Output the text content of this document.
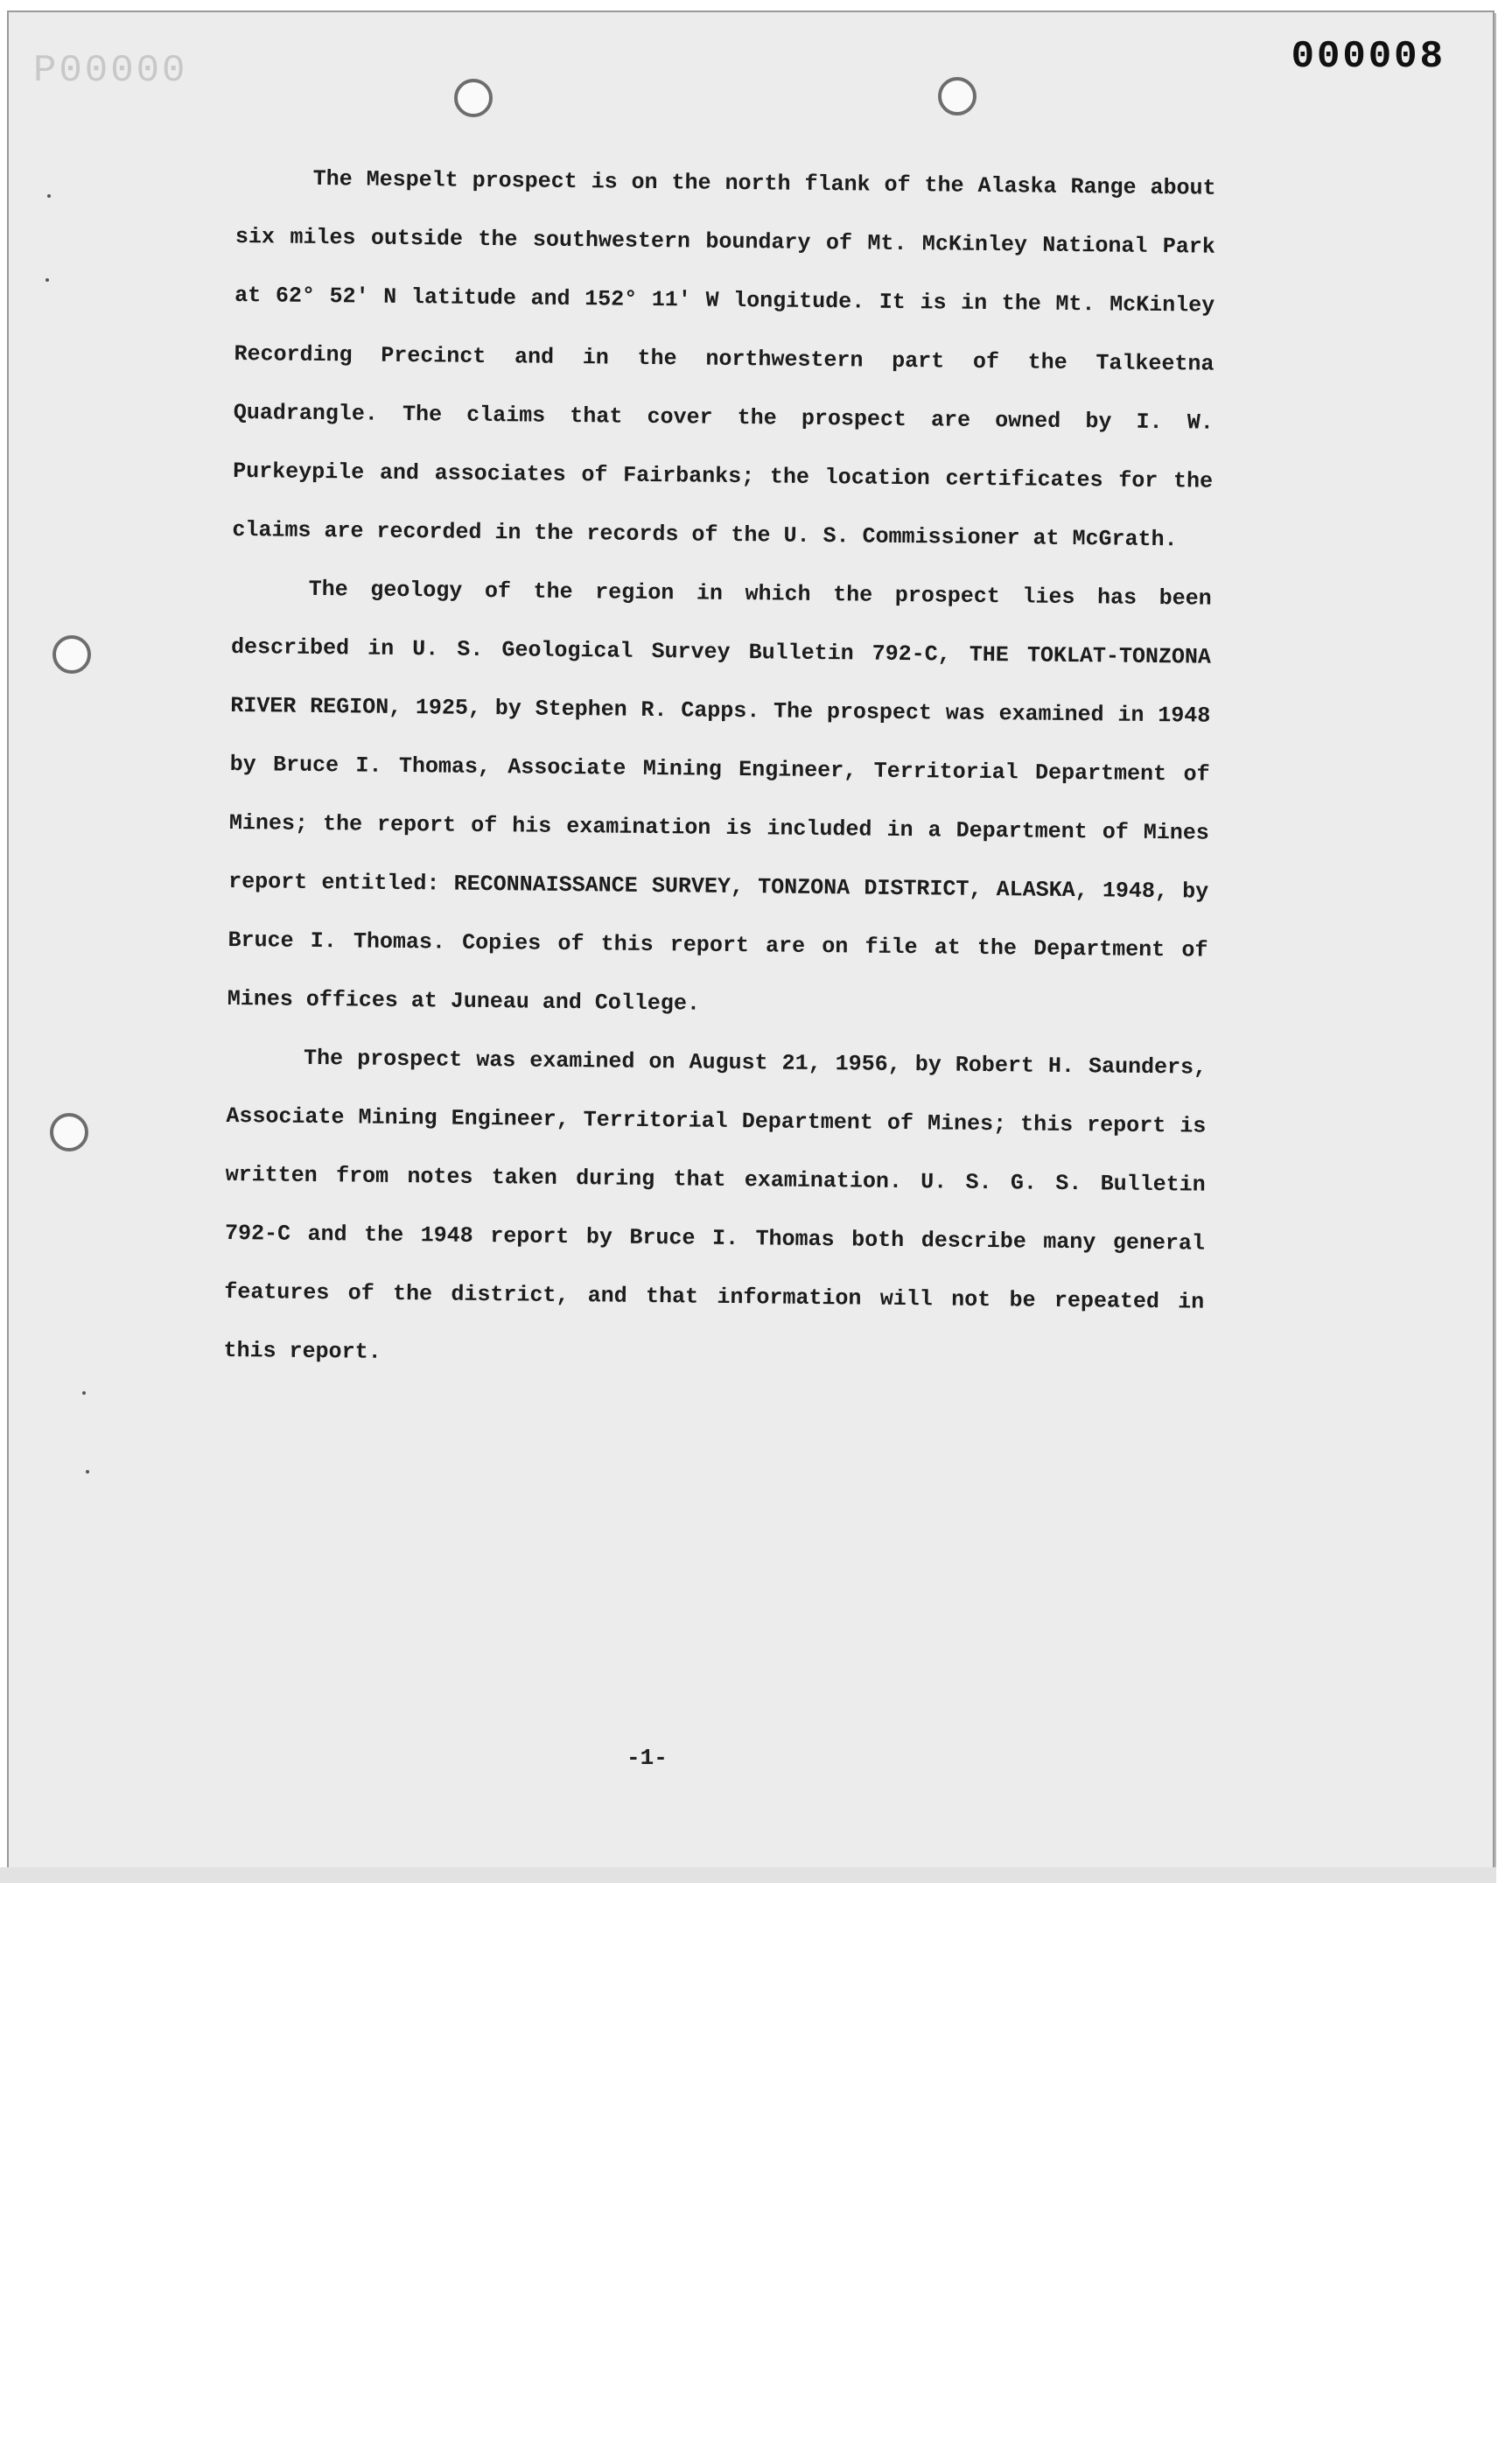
P00000	000008

The Mespelt prospect is on the north flank of the Alaska Range about six miles outside the southwestern boundary of Mt. McKinley National Park at 62° 52' N latitude and 152° 11' W longitude. It is in the Mt. McKinley Recording Precinct and in the northwestern part of the Talkeetna Quadrangle. The claims that cover the prospect are owned by I. W. Purkeypile and associates of Fairbanks; the location certificates for the claims are recorded in the records of the U. S. Commissioner at McGrath.

The geology of the region in which the prospect lies has been described in U. S. Geological Survey Bulletin 792-C, THE TOKLAT-TONZONA RIVER REGION, 1925, by Stephen R. Capps. The prospect was examined in 1948 by Bruce I. Thomas, Associate Mining Engineer, Territorial Department of Mines; the report of his examination is included in a Department of Mines report entitled: RECONNAISSANCE SURVEY, TONZONA DISTRICT, ALASKA, 1948, by Bruce I. Thomas. Copies of this report are on file at the Department of Mines offices at Juneau and College.

The prospect was examined on August 21, 1956, by Robert H. Saunders, Associate Mining Engineer, Territorial Department of Mines; this report is written from notes taken during that examination. U. S. G. S. Bulletin 792-C and the 1948 report by Bruce I. Thomas both describe many general features of the district, and that information will not be repeated in this report.

-1-
